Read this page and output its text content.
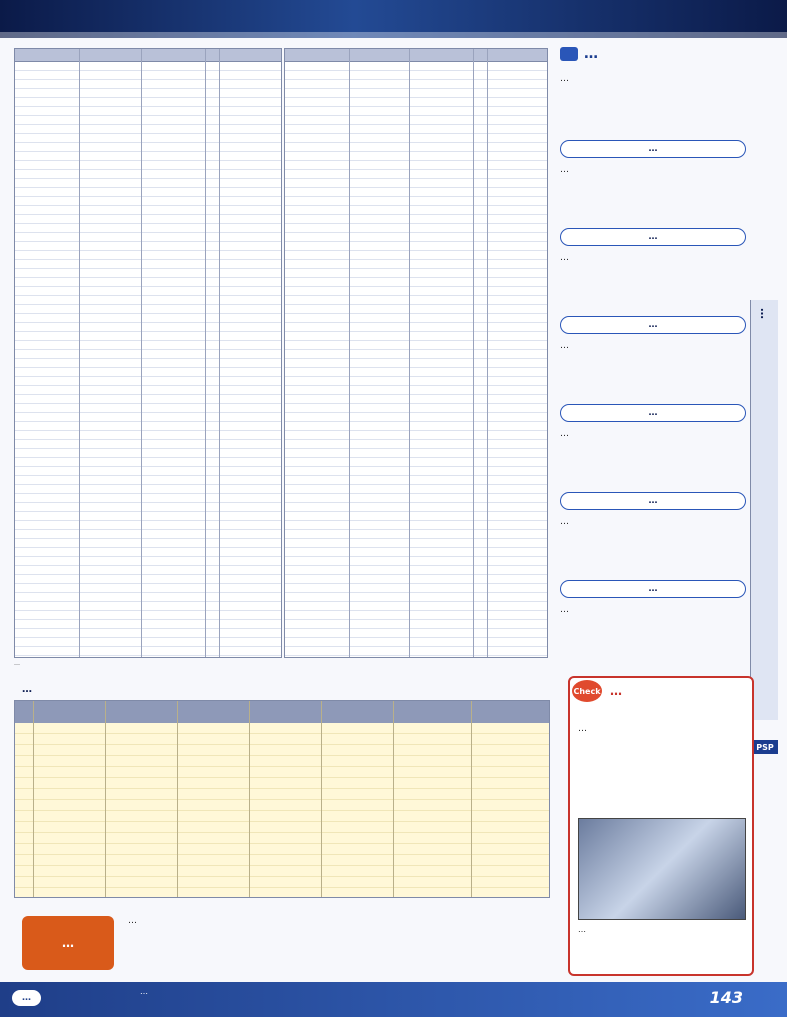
…
…
…
…
…
…
…
…
…
…
…
…
…
…
…
…
…
…
…
PSP
Check …
…
…
…
…	143
